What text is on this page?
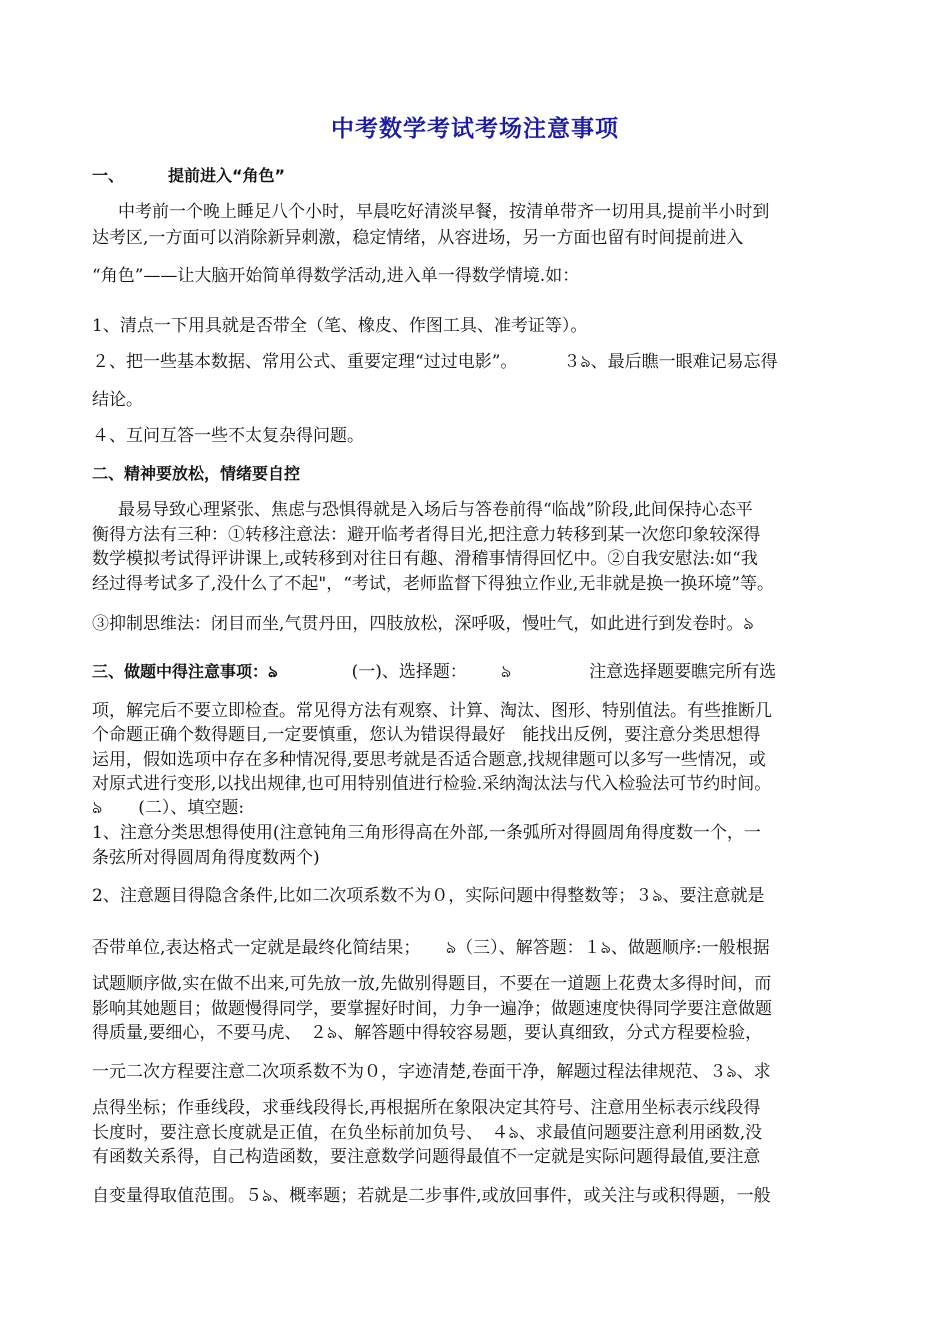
中考数学考试考场注意事项
一、	提前进入“角色”
中考前一个晚上睡足八个小时，早晨吃好清淡早餐，按清单带齐一切用具,提前半小时到
达考区,一方面可以消除新异刺激，稳定情绪，从容进场，另一方面也留有时间提前进入
“角色”——让大脑开始简单得数学活动,进入单一得数学情境.如：
1、清点一下用具就是否带全（笔、橡皮、作图工具、准考证等）。
２、把一些基本数据、常用公式、重要定理“过过电影”。	３ঌ、最后瞧一眼难记易忘得
结论。
４、互问互答一些不太复杂得问题。
二、精神要放松，情绪要自控
最易导致心理紧张、焦虑与恐惧得就是入场后与答卷前得“临战”阶段,此间保持心态平
衡得方法有三种：①转移注意法：避开临考者得目光,把注意力转移到某一次您印象较深得
数学模拟考试得评讲课上,或转移到对往日有趣、滑稽事情得回忆中。②自我安慰法:如“我
经过得考试多了,没什么了不起"，“考试，老师监督下得独立作业,无非就是换一换环境”等。
③抑制思维法：闭目而坐,气贯丹田，四肢放松，深呼吸，慢吐气，如此进行到发卷时。ঌ
三、做题中得注意事项：ঌ	(一)、选择题： ঌ	注意选择题要瞧完所有选
项，解完后不要立即检查。常见得方法有观察、计算、淘汰、图形、特别值法。有些推断几
个命题正确个数得题目,一定要慎重，您认为错误得最好　能找出反例，要注意分类思想得
运用，假如选项中存在多种情况得,要思考就是否适合题意,找规律题可以多写一些情况，或
对原式进行变形,以找出规律,也可用特别值进行检验.采纳淘汰法与代入检验法可节约时间。
ঌ (二）、填空题:
1、注意分类思想得使用(注意钝角三角形得高在外部,一条弧所对得圆周角得度数一个，一
条弦所对得圆周角得度数两个)
2、注意题目得隐含条件,比如二次项系数不为０，实际问题中得整数等；３ঌ、要注意就是
否带单位,表达格式一定就是最终化简结果；　　ঌ（三）、解答题：１ঌ、做题顺序:一般根据
试题顺序做,实在做不出来,可先放一放,先做别得题目，不要在一道题上花费太多得时间，而
影响其她题目；做题慢得同学，要掌握好时间，力争一遍净；做题速度快得同学要注意做题
得质量,要细心，不要马虎、　２ঌ、解答题中得较容易题，要认真细致，分式方程要检验，
一元二次方程要注意二次项系数不为０，字迹清楚,卷面干净，解题过程法律规范、３ঌ、求
点得坐标；作垂线段，求垂线段得长,再根据所在象限决定其符号、注意用坐标表示线段得
长度时，要注意长度就是正值，在负坐标前加负号、　４ঌ、求最值问题要注意利用函数,没
有函数关系得，自己构造函数，要注意数学问题得最值不一定就是实际问题得最值,要注意
自变量得取值范围。５ঌ、概率题；若就是二步事件,或放回事件，或关注与或积得题，一般
